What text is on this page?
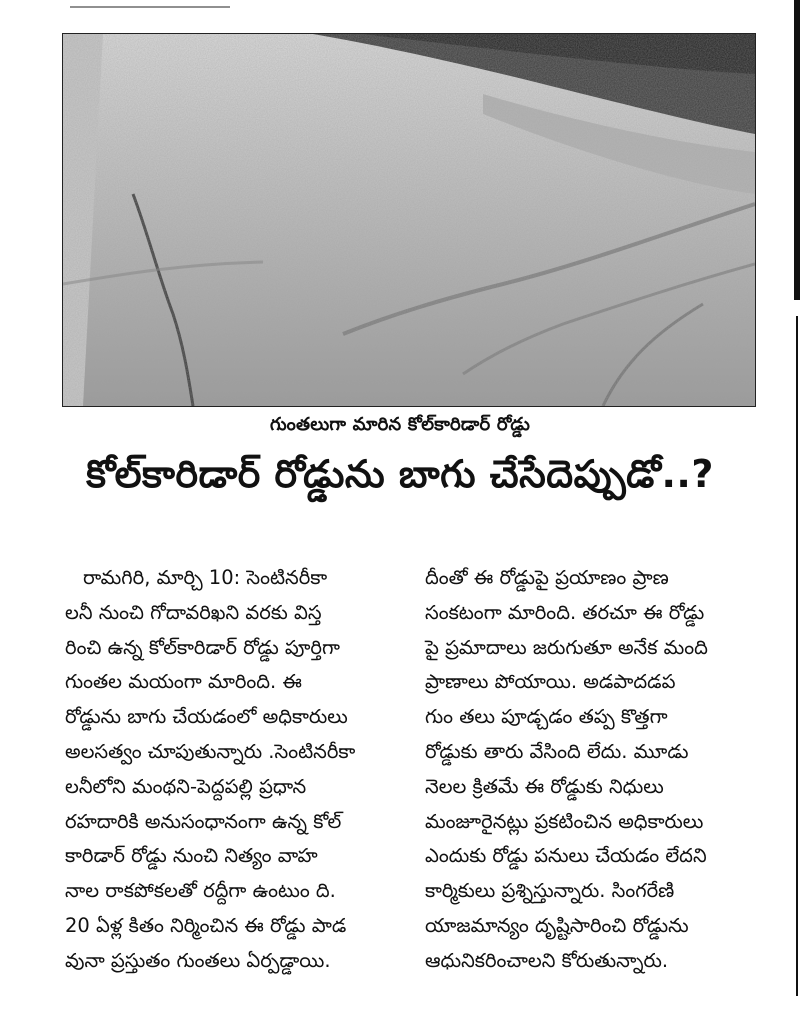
గుంతలుగా మారిన కోల్‌కారిడార్ రోడ్డు
కోల్‌కారిడార్ రోడ్డును బాగు చేసేదెప్పుడో..?
రామగిరి, మార్చి 10: సెంటినరీకా
లనీ నుంచి గోదావరిఖని వరకు విస్త
రించి ఉన్న కోల్‌కారిడార్ రోడ్డు పూర్తిగా
గుంతల మయంగా మారింది. ఈ
రోడ్డును బాగు చేయడంలో అధికారులు
అలసత్వం చూపుతున్నారు .సెంటినరీకా
లనీలోని మంథని-పెద్దపల్లి ప్రధాన
రహదారికి అనుసంధానంగా ఉన్న కోల్
కారిడార్ రోడ్డు నుంచి నిత్యం వాహ
నాల రాకపోకలతో రద్దీగా ఉంటుం ది.
20 ఏళ్ల కితం నిర్మించిన ఈ రోడ్డు పాడ
వునా ప్రస్తుతం గుంతలు ఏర్పడ్డాయి.
దీంతో ఈ రోడ్డుపై ప్రయాణం ప్రాణ
సంకటంగా మారింది. తరచూ ఈ రోడ్డు
పై ప్రమాదాలు జరుగుతూ అనేక మంది
ప్రాణాలు పోయాయి. అడపాదడప
గుం తలు పూడ్చడం తప్ప కొత్తగా
రోడ్డుకు తారు వేసింది లేదు. మూడు
నెలల క్రితమే ఈ రోడ్డుకు నిధులు
మంజూరైనట్లు ప్రకటించిన అధికారులు
ఎందుకు రోడ్డు పనులు చేయడం లేదని
కార్మికులు ప్రశ్నిస్తున్నారు. సింగరేణి
యాజమాన్యం దృష్టిసారించి రోడ్డును
ఆధునికరించాలని కోరుతున్నారు.
